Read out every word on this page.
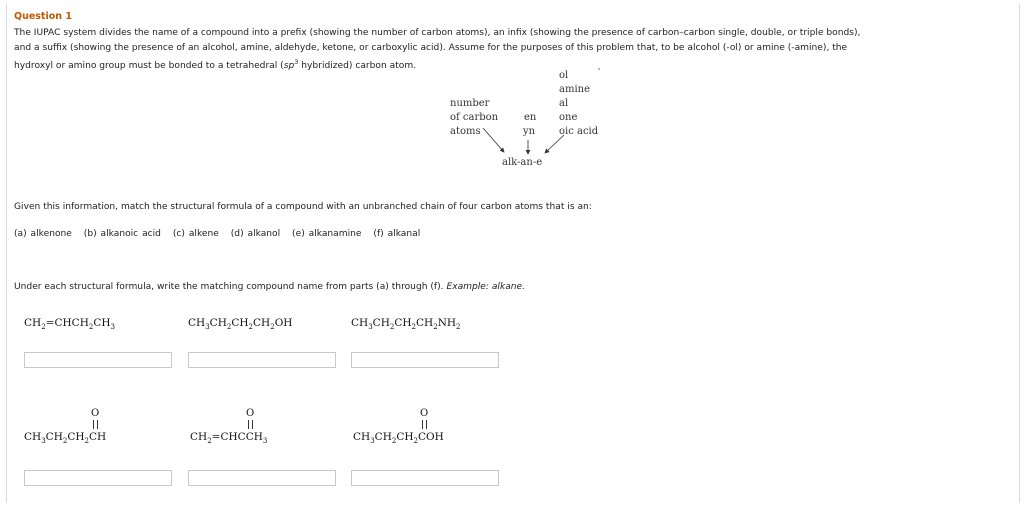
Question 1
The IUPAC system divides the name of a compound into a prefix (showing the number of carbon atoms), an infix (showing the presence of carbon–carbon single, double, or triple bonds),
and a suffix (showing the presence of an alcohol, amine, aldehyde, ketone, or carboxylic acid). Assume for the purposes of this problem that, to be alcohol (-ol) or amine (-amine), the
hydroxyl or amino group must be bonded to a tetrahedral ($sp^3$ hybridized) carbon atom.
number
of carbon
atoms
en
yn
ol
amine
al
one
oic acid
alk-an-e
Given this information, match the structural formula of a compound with an unbranched chain of four carbon atoms that is an:
(a) alkenone (b) alkanoic acid (c) alkene (d) alkanol (e) alkanamine (f) alkanal
Under each structural formula, write the matching compound name from parts (a) through (f). Example: alkane.
$CH_2=CHCH_2CH_3$	$CH_3CH_2CH_2CH_2OH$	$CH_3CH_2CH_2CH_2NH_2$
O
$CH_3CH_2CH_2CH$
O
$CH_2=CHCCH_3$
O
$CH_3CH_2CH_2COH$
